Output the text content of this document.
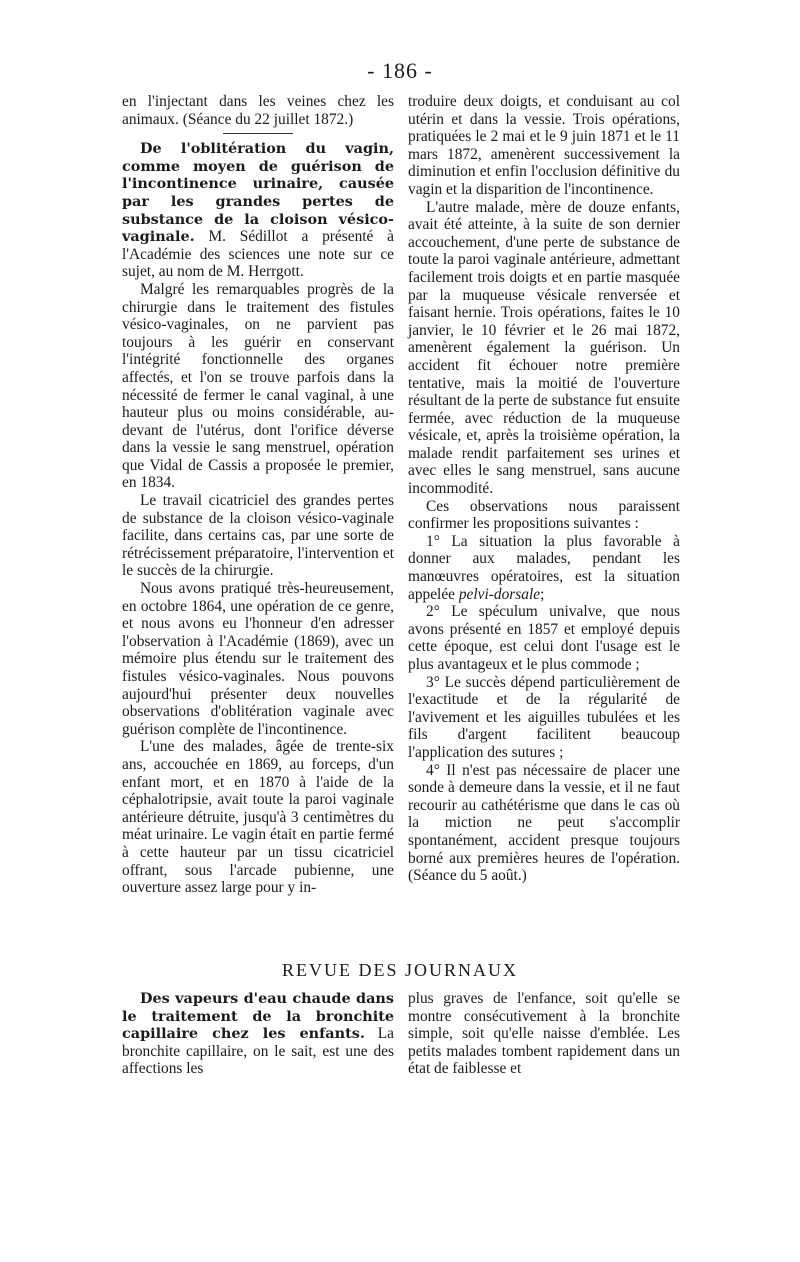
- 186 -

en l'injectant dans les veines chez les animaux. (Séance du 22 juillet 1872.)

De l'oblitération du vagin, comme moyen de guérison de l'incontinence urinaire, causée par les grandes pertes de substance de la cloison vésico-vaginale. M. Sédillot a présenté à l'Académie des sciences une note sur ce sujet, au nom de M. Herrgott.

Malgré les remarquables progrès de la chirurgie dans le traitement des fistules vésico-vaginales, on ne parvient pas toujours à les guérir en conservant l'intégrité fonctionnelle des organes affectés, et l'on se trouve parfois dans la nécessité de fermer le canal vaginal, à une hauteur plus ou moins considérable, au-devant de l'utérus, dont l'orifice déverse dans la vessie le sang menstruel, opération que Vidal de Cassis a proposée le premier, en 1834.

Le travail cicatriciel des grandes pertes de substance de la cloison vésico-vaginale facilite, dans certains cas, par une sorte de rétrécissement préparatoire, l'intervention et le succès de la chirurgie.

Nous avons pratiqué très-heureusement, en octobre 1864, une opération de ce genre, et nous avons eu l'honneur d'en adresser l'observation à l'Académie (1869), avec un mémoire plus étendu sur le traitement des fistules vésico-vaginales. Nous pouvons aujourd'hui présenter deux nouvelles observations d'oblitération vaginale avec guérison complète de l'incontinence.

L'une des malades, âgée de trente-six ans, accouchée en 1869, au forceps, d'un enfant mort, et en 1870 à l'aide de la céphalotripsie, avait toute la paroi vaginale antérieure détruite, jusqu'à 3 centimètres du méat urinaire. Le vagin était en partie fermé à cette hauteur par un tissu cicatriciel offrant, sous l'arcade pubienne, une ouverture assez large pour y in-

troduire deux doigts, et conduisant au col utérin et dans la vessie. Trois opérations, pratiquées le 2 mai et le 9 juin 1871 et le 11 mars 1872, amenèrent successivement la diminution et enfin l'occlusion définitive du vagin et la disparition de l'incontinence.

L'autre malade, mère de douze enfants, avait été atteinte, à la suite de son dernier accouchement, d'une perte de substance de toute la paroi vaginale antérieure, admettant facilement trois doigts et en partie masquée par la muqueuse vésicale renversée et faisant hernie. Trois opérations, faites le 10 janvier, le 10 février et le 26 mai 1872, amenèrent également la guérison. Un accident fit échouer notre première tentative, mais la moitié de l'ouverture résultant de la perte de substance fut ensuite fermée, avec réduction de la muqueuse vésicale, et, après la troisième opération, la malade rendit parfaitement ses urines et avec elles le sang menstruel, sans aucune incommodité.

Ces observations nous paraissent confirmer les propositions suivantes :

1° La situation la plus favorable à donner aux malades, pendant les manœuvres opératoires, est la situation appelée pelvi-dorsale;

2° Le spéculum univalve, que nous avons présenté en 1857 et employé depuis cette époque, est celui dont l'usage est le plus avantageux et le plus commode ;

3° Le succès dépend particulièrement de l'exactitude et de la régularité de l'avivement et les aiguilles tubulées et les fils d'argent facilitent beaucoup l'application des sutures ;

4° Il n'est pas nécessaire de placer une sonde à demeure dans la vessie, et il ne faut recourir au cathétérisme que dans le cas où la miction ne peut s'accomplir spontanément, accident presque toujours borné aux premières heures de l'opération. (Séance du 5 août.)

REVUE DES JOURNAUX

Des vapeurs d'eau chaude dans le traitement de la bronchite capillaire chez les enfants. La bronchite capillaire, on le sait, est une des affections les

plus graves de l'enfance, soit qu'elle se montre consécutivement à la bronchite simple, soit qu'elle naisse d'emblée. Les petits malades tombent rapidement dans un état de faiblesse et
